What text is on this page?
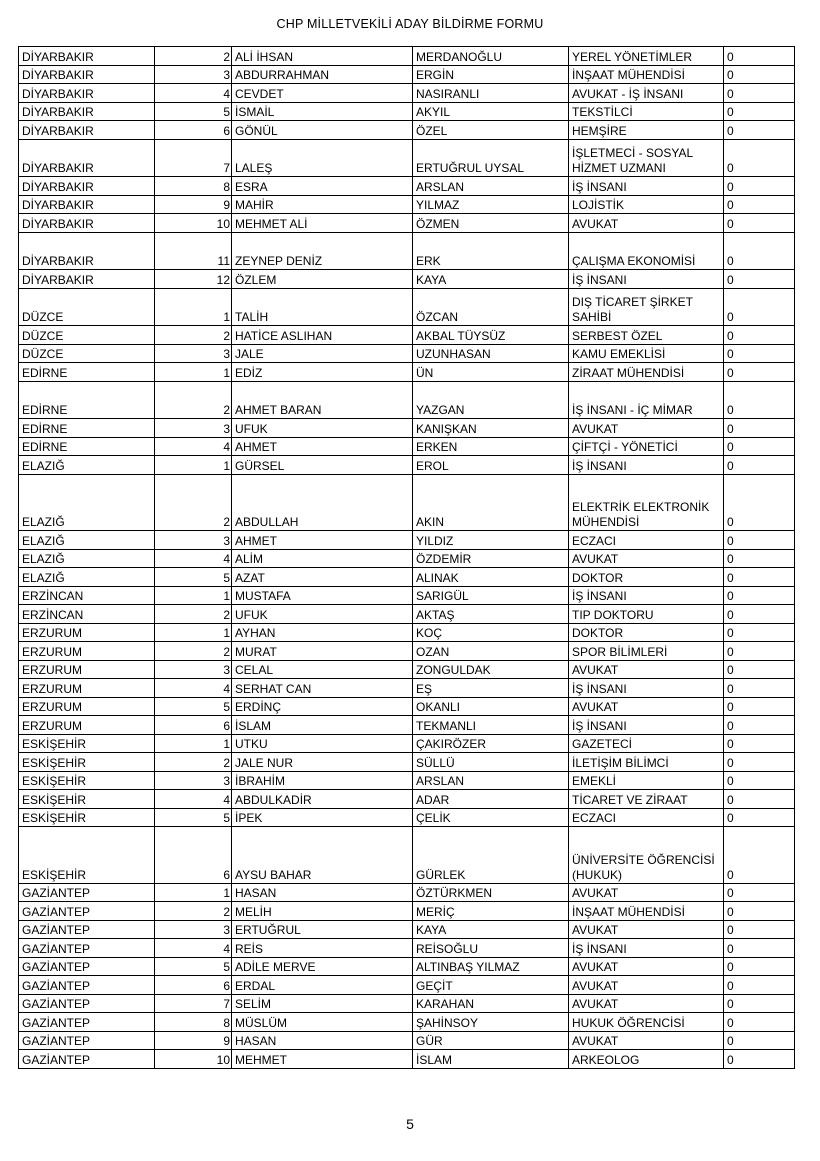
CHP MİLLETVEKİLİ ADAY BİLDİRME FORMU
DİYARBAKIR	2	ALİ İHSAN	MERDANOĞLU	YEREL YÖNETİMLER	0
DİYARBAKIR	3	ABDURRAHMAN	ERGİN	İNŞAAT MÜHENDİSİ	0
DİYARBAKIR	4	CEVDET	NASIRANLI	AVUKAT - İŞ İNSANI	0
DİYARBAKIR	5	İSMAİL	AKYIL	TEKSTİLCİ	0
DİYARBAKIR	6	GÖNÜL	ÖZEL	HEMŞİRE	0
DİYARBAKIR	7	LALEŞ	ERTUĞRUL UYSAL	İŞLETMECİ - SOSYAL HİZMET UZMANI	0
DİYARBAKIR	8	ESRA	ARSLAN	İŞ İNSANI	0
DİYARBAKIR	9	MAHİR	YILMAZ	LOJİSTİK	0
DİYARBAKIR	10	MEHMET ALİ	ÖZMEN	AVUKAT	0
DİYARBAKIR	11	ZEYNEP DENİZ	ERK	ÇALIŞMA EKONOMİSİ	0
DİYARBAKIR	12	ÖZLEM	KAYA	İŞ İNSANI	0
DÜZCE	1	TALİH	ÖZCAN	DIŞ TİCARET ŞİRKET SAHİBİ	0
DÜZCE	2	HATİCE ASLIHAN	AKBAL TÜYSÜZ	SERBEST ÖZEL	0
DÜZCE	3	JALE	UZUNHASAN	KAMU EMEKLİSİ	0
EDİRNE	1	EDİZ	ÜN	ZİRAAT MÜHENDİSİ	0
EDİRNE	2	AHMET BARAN	YAZGAN	İŞ İNSANI - İÇ MİMAR	0
EDİRNE	3	UFUK	KANIŞKAN	AVUKAT	0
EDİRNE	4	AHMET	ERKEN	ÇİFTÇİ - YÖNETİCİ	0
ELAZIĞ	1	GÜRSEL	EROL	İŞ İNSANI	0
ELAZIĞ	2	ABDULLAH	AKIN	ELEKTRİK ELEKTRONİK MÜHENDİSİ	0
ELAZIĞ	3	AHMET	YILDIZ	ECZACI	0
ELAZIĞ	4	ALİM	ÖZDEMİR	AVUKAT	0
ELAZIĞ	5	AZAT	ALINAK	DOKTOR	0
ERZİNCAN	1	MUSTAFA	SARIGÜL	İŞ İNSANI	0
ERZİNCAN	2	UFUK	AKTAŞ	TIP DOKTORU	0
ERZURUM	1	AYHAN	KOÇ	DOKTOR	0
ERZURUM	2	MURAT	OZAN	SPOR BİLİMLERİ	0
ERZURUM	3	CELAL	ZONGULDAK	AVUKAT	0
ERZURUM	4	SERHAT CAN	EŞ	İŞ İNSANI	0
ERZURUM	5	ERDİNÇ	OKANLI	AVUKAT	0
ERZURUM	6	İSLAM	TEKMANLI	İŞ İNSANI	0
ESKİŞEHİR	1	UTKU	ÇAKIRÖZER	GAZETECİ	0
ESKİŞEHİR	2	JALE NUR	SÜLLÜ	İLETİŞİM BİLİMCİ	0
ESKİŞEHİR	3	İBRAHİM	ARSLAN	EMEKLİ	0
ESKİŞEHİR	4	ABDULKADİR	ADAR	TİCARET VE ZİRAAT	0
ESKİŞEHİR	5	İPEK	ÇELİK	ECZACI	0
ESKİŞEHİR	6	AYSU BAHAR	GÜRLEK	ÜNİVERSİTE ÖĞRENCİSİ (HUKUK)	0
GAZİANTEP	1	HASAN	ÖZTÜRKMEN	AVUKAT	0
GAZİANTEP	2	MELİH	MERİÇ	İNŞAAT MÜHENDİSİ	0
GAZİANTEP	3	ERTUĞRUL	KAYA	AVUKAT	0
GAZİANTEP	4	REİS	REİSOĞLU	İŞ İNSANI	0
GAZİANTEP	5	ADİLE MERVE	ALTINBAŞ YILMAZ	AVUKAT	0
GAZİANTEP	6	ERDAL	GEÇİT	AVUKAT	0
GAZİANTEP	7	SELİM	KARAHAN	AVUKAT	0
GAZİANTEP	8	MÜSLÜM	ŞAHİNSOY	HUKUK ÖĞRENCİSİ	0
GAZİANTEP	9	HASAN	GÜR	AVUKAT	0
GAZİANTEP	10	MEHMET	İSLAM	ARKEOLOG	0
5
